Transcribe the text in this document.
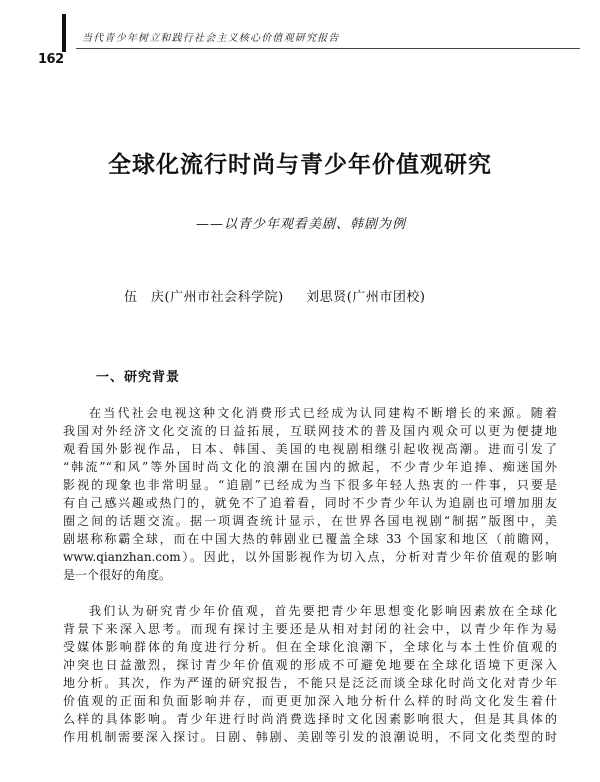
当代青少年树立和践行社会主义核心价值观研究报告
162
全球化流行时尚与青少年价值观研究
——以青少年观看美剧、韩剧为例
伍　庆(广州市社会科学院) 刘思贤(广州市团校)
一、研究背景
在当代社会电视这种文化消费形式已经成为认同建构不断增长的来源。随着
我国对外经济文化交流的日益拓展，互联网技术的普及国内观众可以更为便捷地
观看国外影视作品，日本、韩国、美国的电视剧相继引起收视高潮。进而引发了
“韩流”“和风”等外国时尚文化的浪潮在国内的掀起，不少青少年追捧、痴迷国外
影视的现象也非常明显。“追剧”已经成为当下很多年轻人热衷的一件事，只要是
有自己感兴趣或热门的，就免不了追着看，同时不少青少年认为追剧也可增加朋友
圈之间的话题交流。据一项调查统计显示，在世界各国电视剧“制据”版图中，美
剧堪称称霸全球，而在中国大热的韩剧业已覆盖全球 33 个国家和地区（前瞻网，
www.qianzhan.com）。因此，以外国影视作为切入点，分析对青少年价值观的影响
是一个很好的角度。
我们认为研究青少年价值观，首先要把青少年思想变化影响因素放在全球化
背景下来深入思考。而现有探讨主要还是从相对封闭的社会中，以青少年作为易
受媒体影响群体的角度进行分析。但在全球化浪潮下，全球化与本土性价值观的
冲突也日益激烈，探讨青少年价值观的形成不可避免地要在全球化语境下更深入
地分析。其次，作为严谨的研究报告，不能只是泛泛而谈全球化时尚文化对青少年
价值观的正面和负面影响并存，而更更加深入地分析什么样的时尚文化发生着什
么样的具体影响。青少年进行时尚消费选择时文化因素影响很大，但是其具体的
作用机制需要深入探讨。日剧、韩剧、美剧等引发的浪潮说明，不同文化类型的时
